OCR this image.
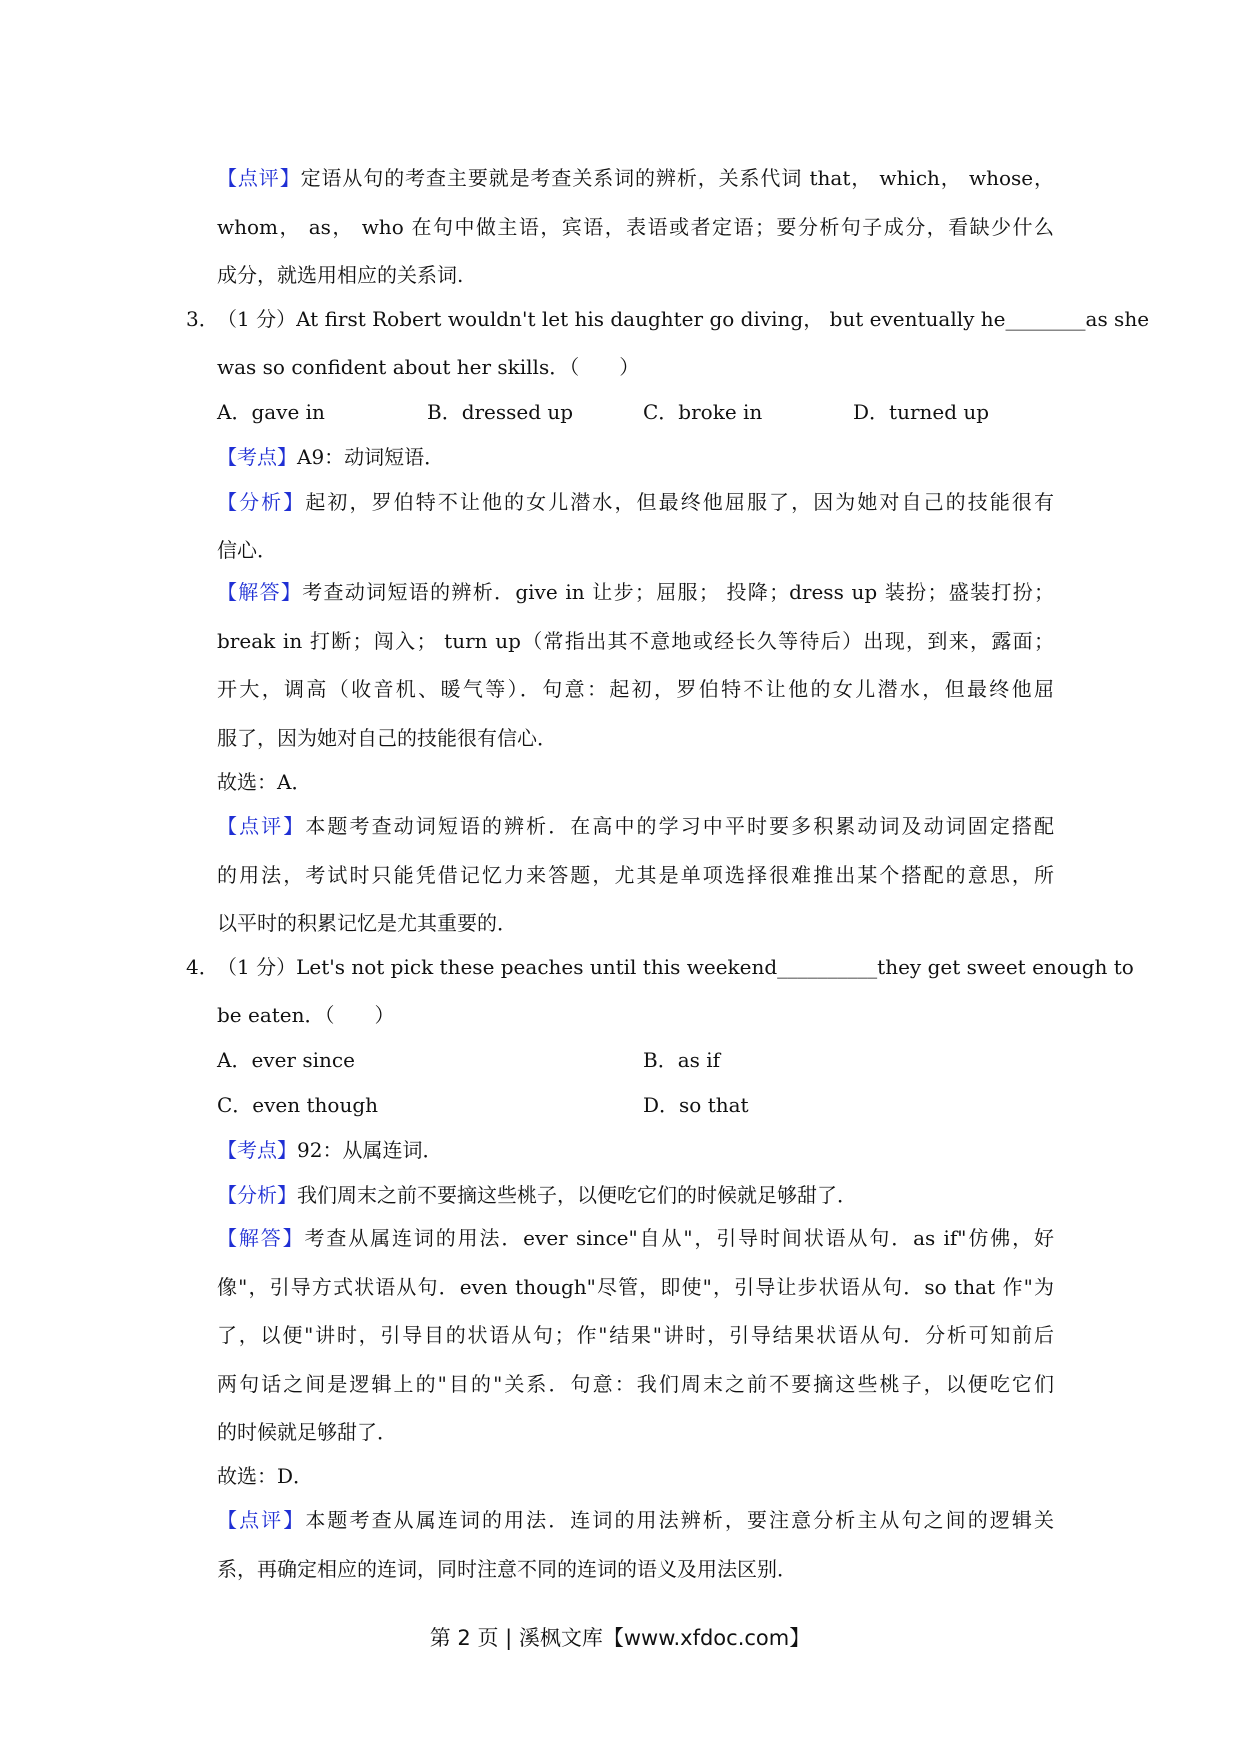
【点评】定语从句的考查主要就是考查关系词的辨析，关系代词 that， which， whose，
whom， as， who 在句中做主语，宾语，表语或者定语；要分析句子成分，看缺少什么
成分，就选用相应的关系词.
3．
（1 分）At first Robert wouldn't let his daughter go diving， but eventually he________as she
was so confident about her skills．（　　）
A．gave in	B．dressed up	C．broke in	D．turned up
【考点】A9：动词短语．
【分析】起初，罗伯特不让他的女儿潜水，但最终他屈服了，因为她对自己的技能很有
信心．
【解答】考查动词短语的辨析．give in 让步；屈服； 投降；dress up 装扮；盛装打扮；
break in 打断；闯入； turn up（常指出其不意地或经长久等待后）出现，到来，露面；
开大，调高（收音机、暖气等）．句意：起初，罗伯特不让他的女儿潜水，但最终他屈
服了，因为她对自己的技能很有信心．
故选：A．
【点评】本题考查动词短语的辨析．在高中的学习中平时要多积累动词及动词固定搭配
的用法，考试时只能凭借记忆力来答题，尤其是单项选择很难推出某个搭配的意思，所
以平时的积累记忆是尤其重要的．
4．
（1 分）Let's not pick these peaches until this weekend__________they get sweet enough to
be eaten．（　　）
A．ever since	B．as if
C．even though	D．so that
【考点】92：从属连词．
【分析】我们周末之前不要摘这些桃子，以便吃它们的时候就足够甜了．
【解答】考查从属连词的用法．ever since"自从"，引导时间状语从句．as if"仿佛，好
像"，引导方式状语从句．even though"尽管，即使"，引导让步状语从句．so that 作"为
了，以便"讲时，引导目的状语从句；作"结果"讲时，引导结果状语从句．分析可知前后
两句话之间是逻辑上的"目的"关系．句意：我们周末之前不要摘这些桃子，以便吃它们
的时候就足够甜了．
故选：D．
【点评】本题考查从属连词的用法．连词的用法辨析，要注意分析主从句之间的逻辑关
系，再确定相应的连词，同时注意不同的连词的语义及用法区别．
第 2 页 | 溪枫文库【www.xfdoc.com】
